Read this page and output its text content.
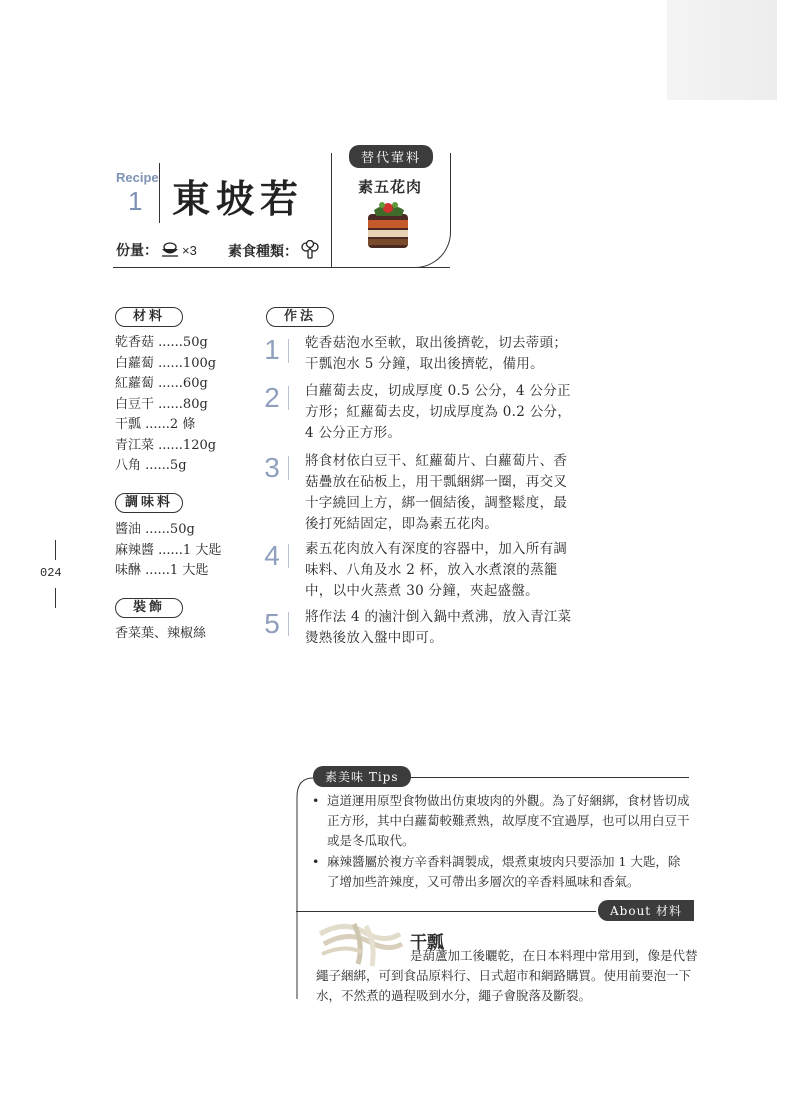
Recipe
1 東坡若
替代葷料
素五花肉
份量： ×3 素食種類：
材料
乾香菇 ......50g
白蘿蔔 ......100g
紅蘿蔔 ......60g
白豆干 ......80g
干瓢 ......2 條
青江菜 ......120g
八角 ......5g
調味料
醬油 ......50g
麻辣醬 ......1 大匙
味醂 ......1 大匙
裝飾
香菜葉、辣椒絲
024
作法
1 乾香菇泡水至軟，取出後擠乾，切去蒂頭；干瓢泡水 5 分鐘，取出後擠乾，備用。
2 白蘿蔔去皮，切成厚度 0.5 公分，4 公分正方形；紅蘿蔔去皮，切成厚度為 0.2 公分，4 公分正方形。
3 將食材依白豆干、紅蘿蔔片、白蘿蔔片、香菇疊放在砧板上，用干瓢綑綁一圈，再交叉十字繞回上方，綁一個結後，調整鬆度，最後打死結固定，即為素五花肉。
4 素五花肉放入有深度的容器中，加入所有調味料、八角及水 2 杯，放入水煮滾的蒸籠中，以中火蒸煮 30 分鐘，夾起盛盤。
5 將作法 4 的滷汁倒入鍋中煮沸，放入青江菜燙熟後放入盤中即可。
素美味 Tips
• 這道運用原型食物做出仿東坡肉的外觀。為了好綑綁，食材皆切成正方形，其中白蘿蔔較難煮熟，故厚度不宜過厚，也可以用白豆干或是冬瓜取代。
• 麻辣醬屬於複方辛香料調製成，煨煮東坡肉只要添加 1 大匙，除了增加些許辣度，又可帶出多層次的辛香料風味和香氣。
About 材料
干瓢
是葫蘆加工後曬乾，在日本料理中常用到，像是代替繩子綑綁，可到食品原料行、日式超市和網路購買。使用前要泡一下水，不然煮的過程吸到水分，繩子會脫落及斷裂。
